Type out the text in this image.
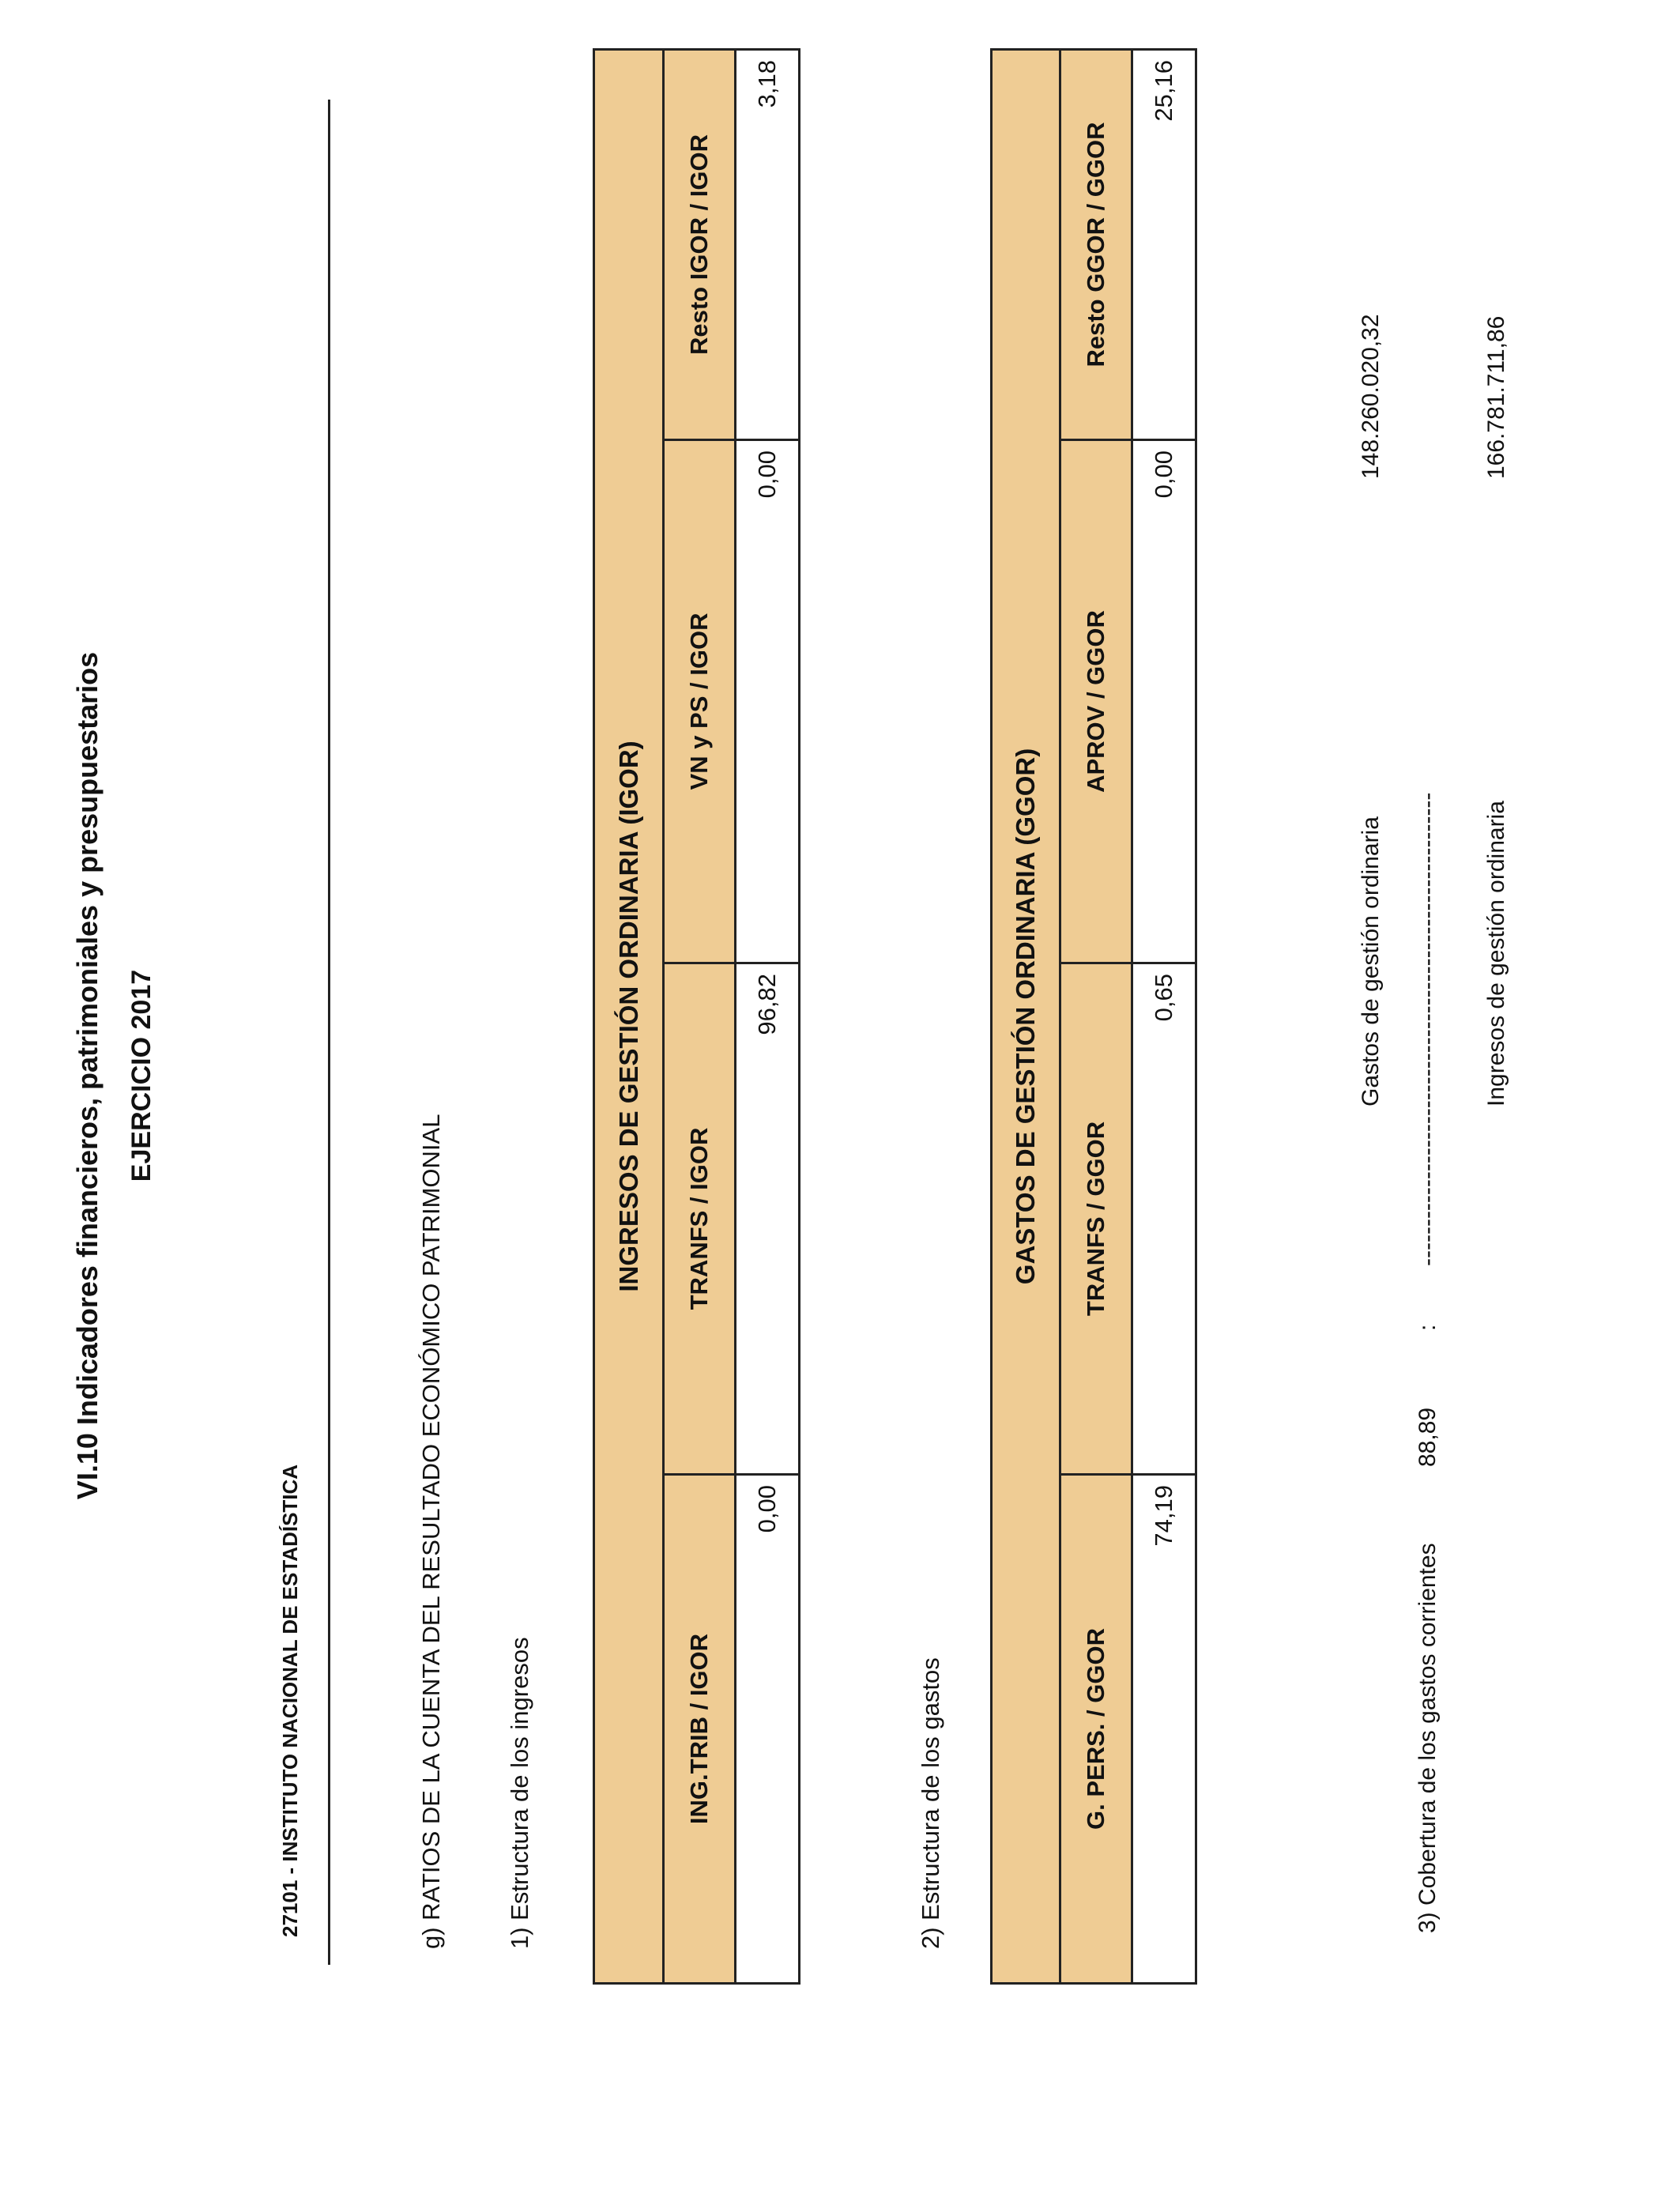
VI.10 Indicadores financieros, patrimoniales y presupuestarios EJERCICIO 2017
27101 - INSTITUTO NACIONAL DE ESTADÍSTICA	g) RATIOS DE LA CUENTA DEL RESULTADO ECONÓMICO PATRIMONIAL 1) Estructura de los ingresos
INGRESOS DE GESTIÓN ORDINARIA (IGOR)			
ING.TRIB / IGOR	TRANFS / IGOR	VN y PS / IGOR	Resto IGOR / IGOR
0,00	96,82	0,00	3,18
2) Estructura de los gastos
GASTOS DE GESTIÓN ORDINARIA (GGOR)			
G. PERS. / GGOR	TRANFS / GGOR	APROV / GGOR	Resto GGOR / GGOR
74,19	0,65	0,00	25,16
Gastos de gestión ordinaria
148.260.020,32
3) Cobertura de los gastos corrientes
88,89
:
------------------------------------------------------------ Ingresos de gestión ordinaria
166.781.711,86
